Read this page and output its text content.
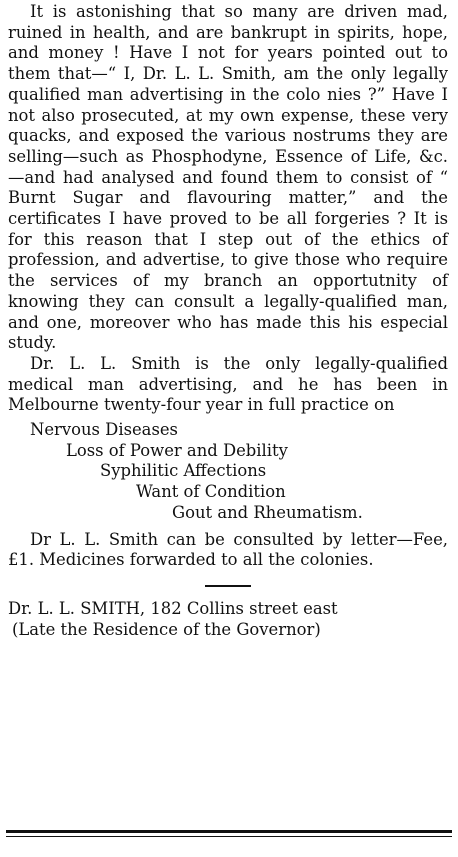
It is astonishing that so many are driven mad, ruined in health, and are bankrupt in spirits, hope, and money ! Have I not for years pointed out to them that—“ I, Dr. L. L. Smith, am the only legally qualified man advertising in the colo nies ?” Have I not also prosecuted, at my own expense, these very quacks, and exposed the various nostrums they are selling—such as Phosphodyne, Essence of Life, &c.—and had analysed and found them to consist of “ Burnt Sugar and flavouring matter,” and the certificates I have proved to be all forgeries ? It is for this reason that I step out of the ethics of profession, and advertise, to give those who require the services of my branch an opportutnity of knowing they can consult a legally-qualified man, and one, moreover who has made this his especial study.

Dr. L. L. Smith is the only legally-qualified medical man advertising, and he has been in Melbourne twenty-four year in full practice on

Nervous Diseases
Loss of Power and Debility
Syphilitic Affections
Want of Condition
Gout and Rheumatism.

Dr L. L. Smith can be consulted by letter—Fee, £1. Medicines forwarded to all the colonies.

Dr. L. L. SMITH, 182 Collins street east

(Late the Residence of the Governor)
